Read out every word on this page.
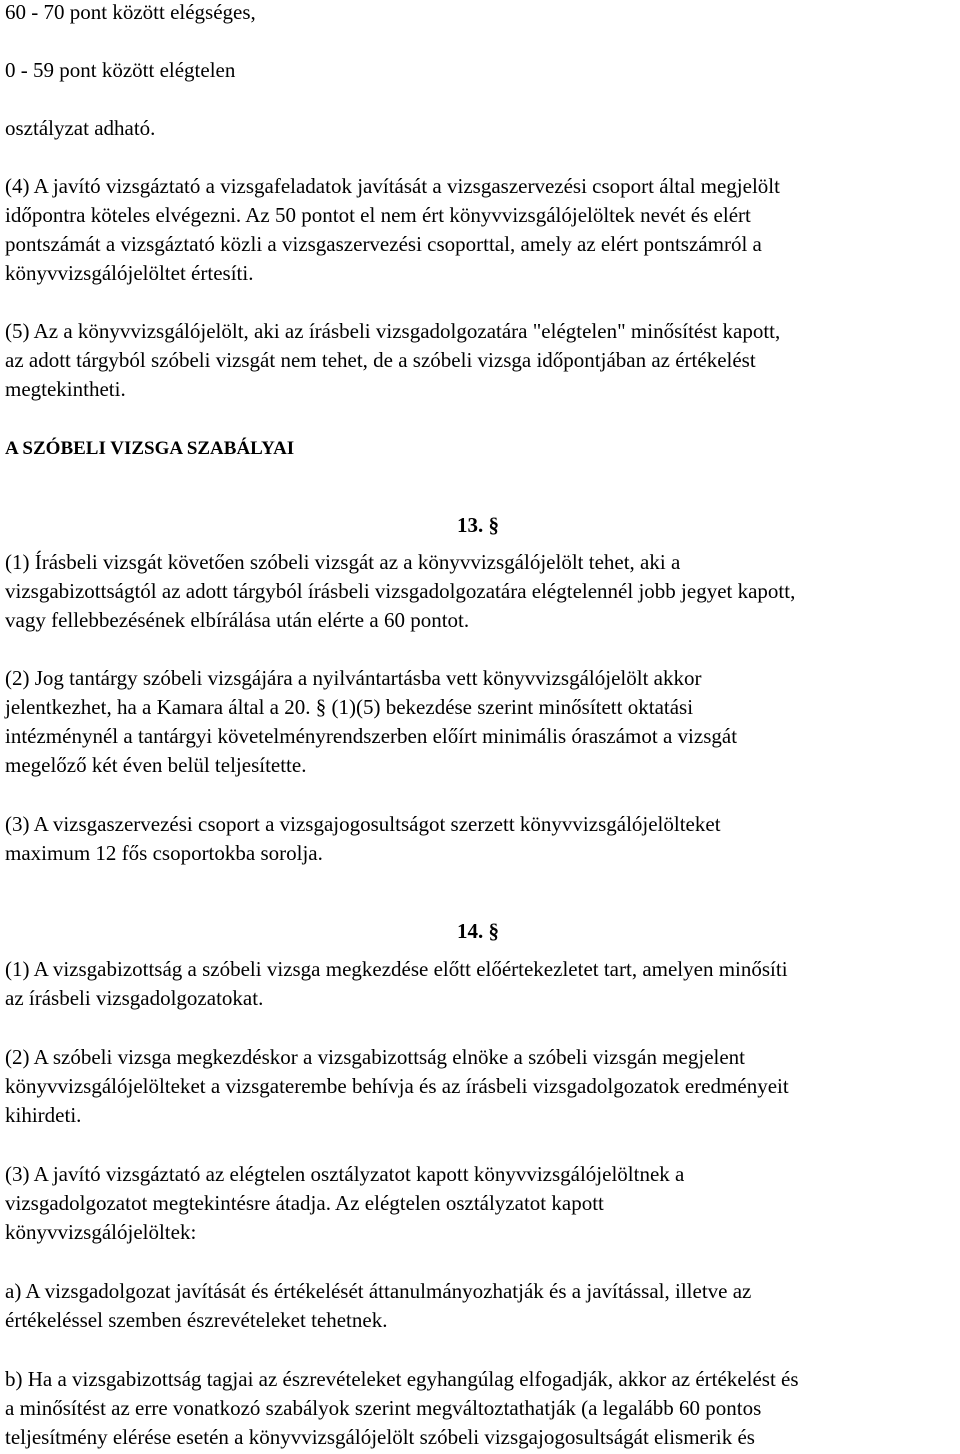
60 - 70 pont között elégséges,

0 - 59 pont között elégtelen

osztályzat adható.

(4) A javító vizsgáztató a vizsgafeladatok javítását a vizsgaszervezési csoport által megjelölt

időpontra köteles elvégezni. Az 50 pontot el nem ért könyvvizsgálójelöltek nevét és elért

pontszámát a vizsgáztató közli a vizsgaszervezési csoporttal, amely az elért pontszámról a

könyvvizsgálójelöltet értesíti.

(5) Az a könyvvizsgálójelölt, aki az írásbeli vizsgadolgozatára "elégtelen" minősítést kapott,

az adott tárgyból szóbeli vizsgát nem tehet, de a szóbeli vizsga időpontjában az értékelést

megtekintheti.

A SZÓBELI VIZSGA SZABÁLYAI

13. §

(1) Írásbeli vizsgát követően szóbeli vizsgát az a könyvvizsgálójelölt tehet, aki a

vizsgabizottságtól az adott tárgyból írásbeli vizsgadolgozatára elégtelennél jobb jegyet kapott,

vagy fellebbezésének elbírálása után elérte a 60 pontot.

(2) Jog tantárgy szóbeli vizsgájára a nyilvántartásba vett könyvvizsgálójelölt akkor

jelentkezhet, ha a Kamara által a 20. § (1)(5) bekezdése szerint minősített oktatási

intézménynél a tantárgyi követelményrendszerben előírt minimális óraszámot a vizsgát

megelőző két éven belül teljesítette.

(3) A vizsgaszervezési csoport a vizsgajogosultságot szerzett könyvvizsgálójelölteket

maximum 12 fős csoportokba sorolja.

14. §

(1) A vizsgabizottság a szóbeli vizsga megkezdése előtt előértekezletet tart, amelyen minősíti

az írásbeli vizsgadolgozatokat.

(2) A szóbeli vizsga megkezdéskor a vizsgabizottság elnöke a szóbeli vizsgán megjelent

könyvvizsgálójelölteket a vizsgaterembe behívja és az írásbeli vizsgadolgozatok eredményeit

kihirdeti.

(3) A javító vizsgáztató az elégtelen osztályzatot kapott könyvvizsgálójelöltnek a

vizsgadolgozatot megtekintésre átadja. Az elégtelen osztályzatot kapott

könyvvizsgálójelöltek:

a) A vizsgadolgozat javítását és értékelését áttanulmányozhatják és a javítással, illetve az

értékeléssel szemben észrevételeket tehetnek.

b) Ha a vizsgabizottság tagjai az észrevételeket egyhangúlag elfogadják, akkor az értékelést és

a minősítést az erre vonatkozó szabályok szerint megváltoztathatják (a legalább 60 pontos

teljesítmény elérése esetén a könyvvizsgálójelölt szóbeli vizsgajogosultságát elismerik és
